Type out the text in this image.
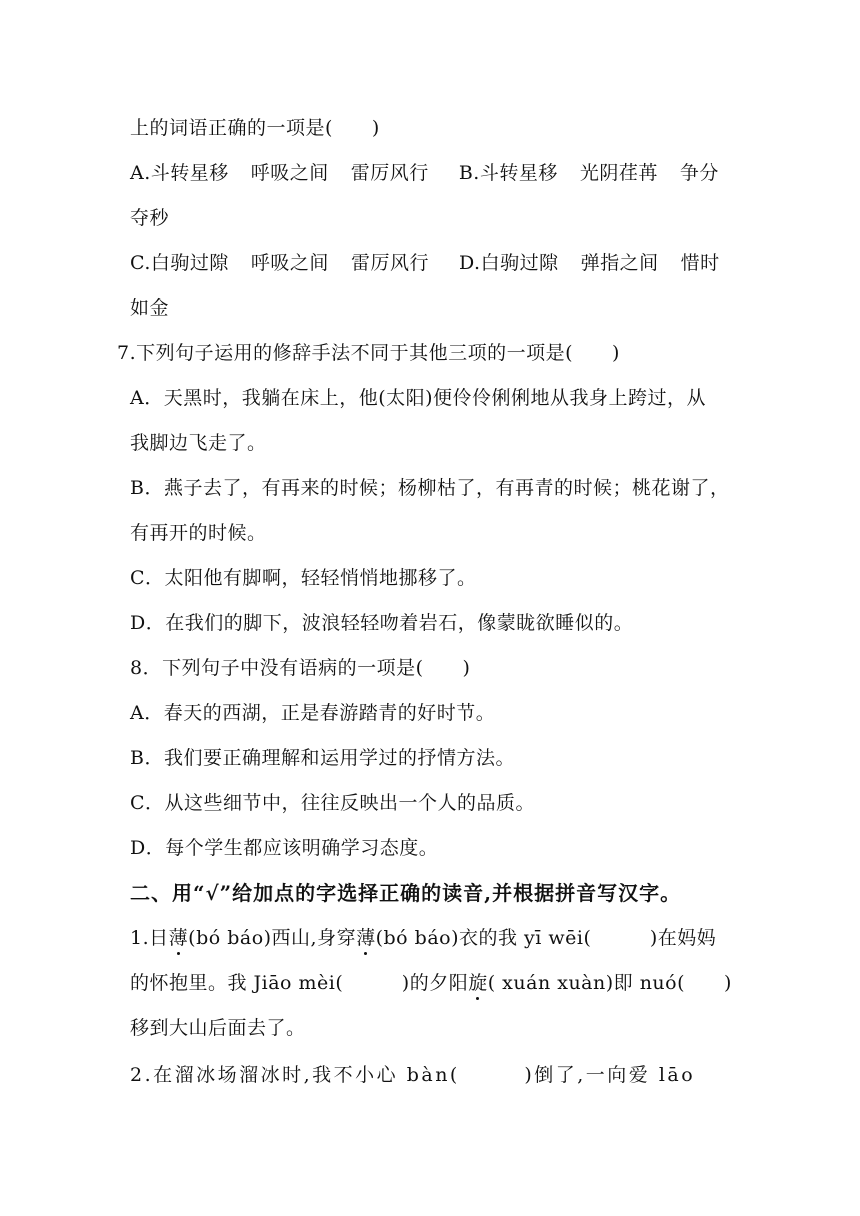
上的词语正确的一项是(　　)
A.斗转星移 呼吸之间 雷厉风行 B.斗转星移 光阴荏苒 争分
夺秒
C.白驹过隙 呼吸之间 雷厉风行 D.白驹过隙 弹指之间 惜时
如金
7.下列句子运用的修辞手法不同于其他三项的一项是(　　)
A．天黑时，我躺在床上，他(太阳)便伶伶俐俐地从我身上跨过，从
我脚边飞走了。
B．燕子去了，有再来的时候；杨柳枯了，有再青的时候；桃花谢了，
有再开的时候。
C．太阳他有脚啊，轻轻悄悄地挪移了。
D．在我们的脚下，波浪轻轻吻着岩石，像蒙眬欲睡似的。
8．下列句子中没有语病的一项是(　　)
A．春天的西湖，正是春游踏青的好时节。
B．我们要正确理解和运用学过的抒情方法。
C．从这些细节中，往往反映出一个人的品质。
D．每个学生都应该明确学习态度。
二、用“√”给加点的字选择正确的读音,并根据拼音写汉字。
1.日薄(bó báo)西山,身穿薄(bó báo)衣的我 yī wēi(　　　)在妈妈
的怀抱里。我 Jiāo mèi(　　　)的夕阳旋( xuán xuàn)即 nuó(　　)
移到大山后面去了。
2.在溜冰场溜冰时,我不小心 bàn(　　　)倒了,一向爱 lāo
